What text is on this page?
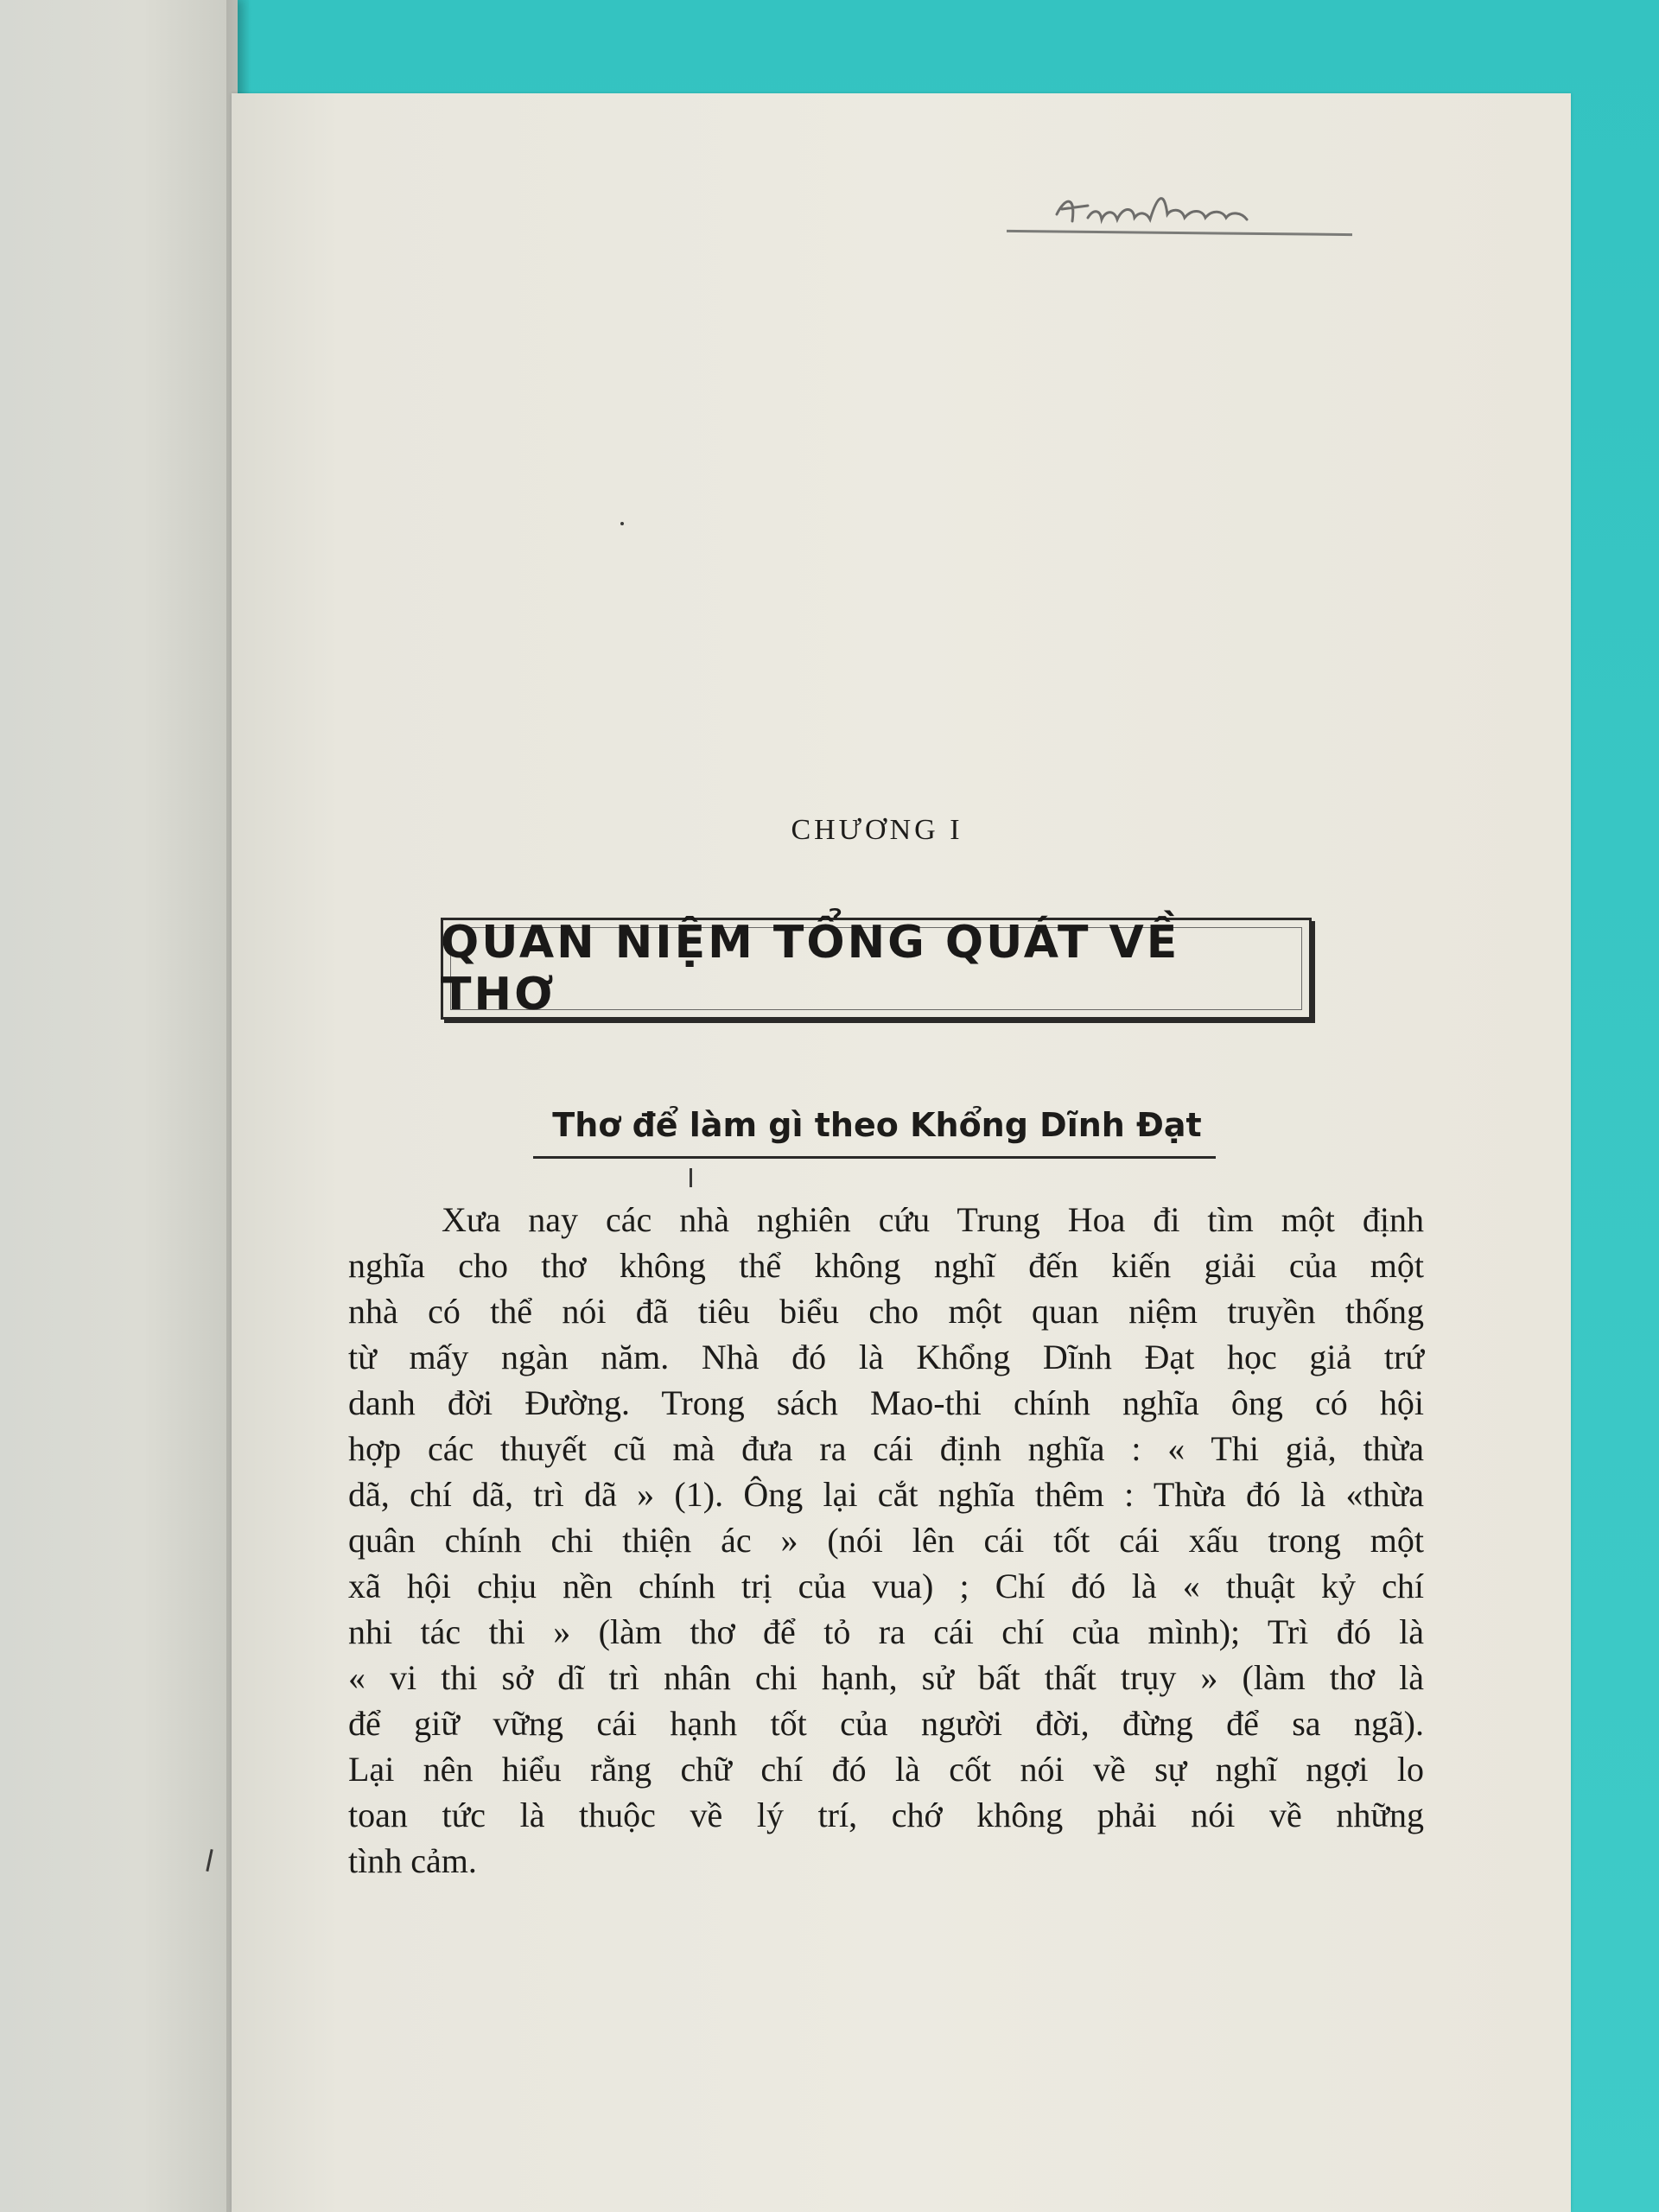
CHƯƠNG I
QUAN NIỆM TỔNG QUÁT VỀ THƠ
Thơ để làm gì theo Khổng Dĩnh Đạt
Xưa nay các nhà nghiên cứu Trung Hoa đi tìm một định
nghĩa cho thơ không thể không nghĩ đến kiến giải của một
nhà có thể nói đã tiêu biểu cho một quan niệm truyền thống
từ mấy ngàn năm. Nhà đó là Khổng Dĩnh Đạt học giả trứ
danh đời Đường. Trong sách Mao-thi chính nghĩa ông có hội
hợp các thuyết cũ mà đưa ra cái định nghĩa : « Thi giả, thừa
dã, chí dã, trì dã » (1). Ông lại cắt nghĩa thêm : Thừa đó là «thừa
quân chính chi thiện ác » (nói lên cái tốt cái xấu trong một
xã hội chịu nền chính trị của vua) ; Chí đó là « thuật kỷ chí
nhi tác thi » (làm thơ để tỏ ra cái chí của mình); Trì đó là
« vi thi sở dĩ trì nhân chi hạnh, sử bất thất trụy » (làm thơ là
để giữ vững cái hạnh tốt của người đời, đừng để sa ngã).
Lại nên hiểu rằng chữ chí đó là cốt nói về sự nghĩ ngợi lo
toan tức là thuộc về lý trí, chớ không phải nói về những
tình cảm.
